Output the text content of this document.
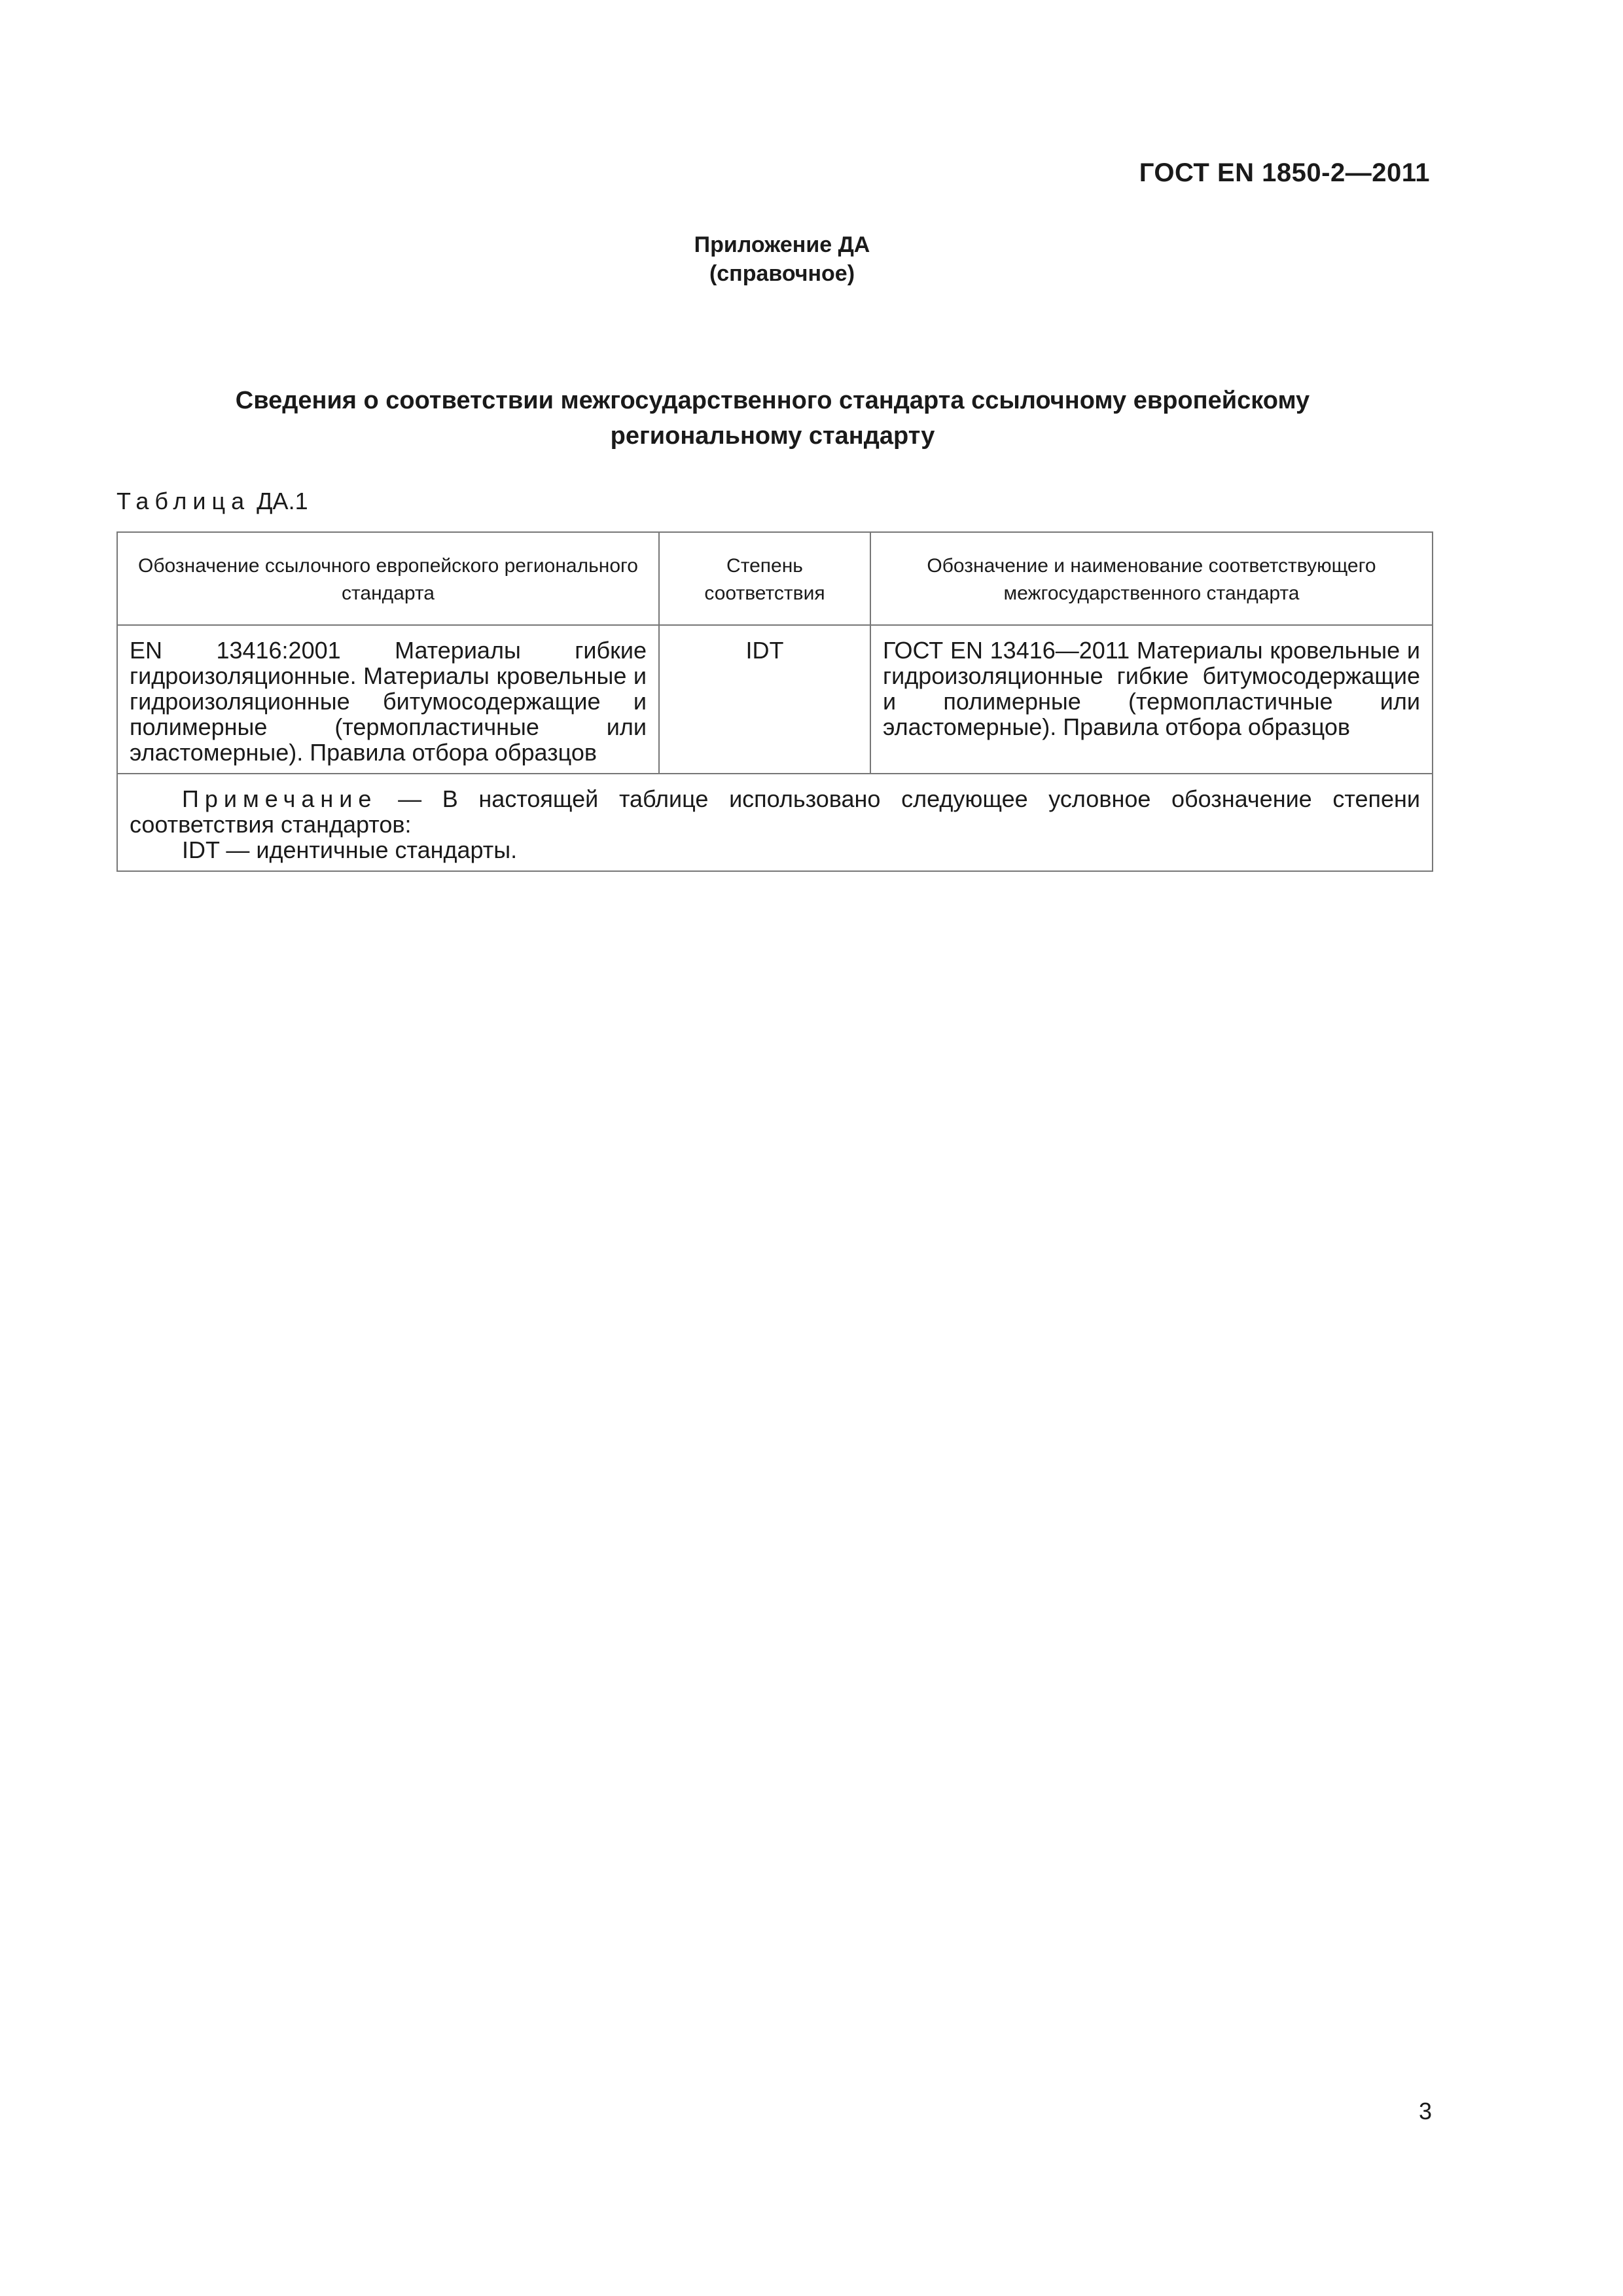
ГОСТ EN 1850-2—2011
Приложение ДА
(справочное)
Сведения о соответствии межгосударственного стандарта ссылочному европейскому
региональному стандарту
Таблица ДА.1
Обозначение ссылочного европейского регионального стандарта	Степень соответствия	Обозначение и наименование соответствующего межгосударственного стандарта
EN 13416:2001 Материалы гибкие гидроизоляционные. Материалы кровельные и гидроизоляционные битумосодержащие и полимерные (термопластичные или эластомерные). Правила отбора образцов	IDT	ГОСТ EN 13416—2011 Материалы кровельные и гидроизоляционные гибкие битумосодержащие и полимерные (термопластичные или эластомерные). Правила отбора образцов

Примечание — В настоящей таблице использовано следующее условное обозначение степени соответствия стандартов:
IDT — идентичные стандарты.		
3
